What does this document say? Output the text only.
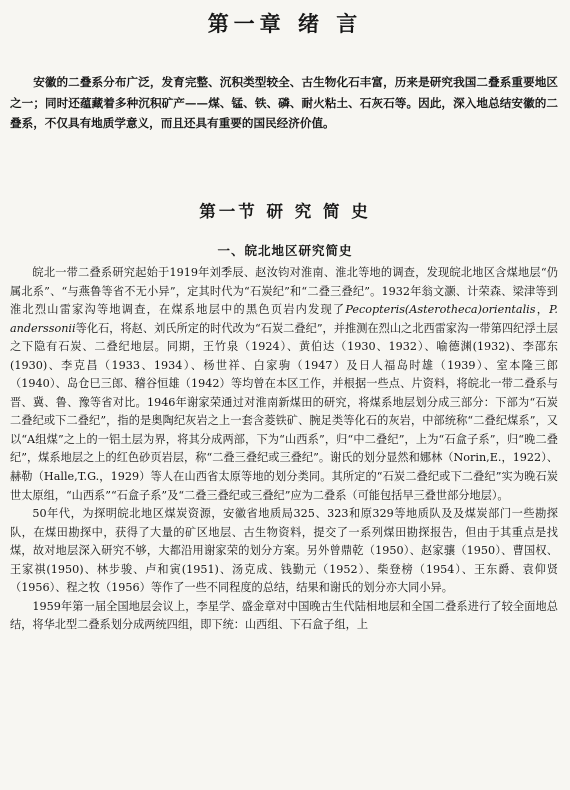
第一章 绪 言
安徽的二叠系分布广泛，发育完整、沉积类型较全、古生物化石丰富，历来是研究我国二叠系重要地区之一；同时还蕴藏着多种沉积矿产——煤、锰、铁、磷、耐火粘土、石灰石等。因此，深入地总结安徽的二叠系，不仅具有地质学意义，而且还具有重要的国民经济价值。
第一节 研 究 简 史
一、皖北地区研究简史

皖北一带二叠系研究起始于1919年刘季辰、赵汝钧对淮南、淮北等地的调查，发现皖北地区含煤地层“仍属北系”、“与燕鲁等省不无小异”，定其时代为“石炭纪”和“二叠三叠纪”。1932年翁文灏、计荣森、梁津等到淮北烈山雷家沟等地调查，在煤系地层中的黑色页岩内发现了Pecopteris(Asterotheca)orientalis，P. anderssonii等化石，将赵、刘氏所定的时代改为“石炭二叠纪”，并推测在烈山之北西雷家沟一带第四纪浮土层之下隐有石炭、二叠纪地层。同期，王竹泉（1924）、黄伯达（1930、1932）、喻德渊(1932)、李邵东(1930)、李克昌（1933、1934）、杨世祥、白家驹（1947）及日人福岛时雄（1939）、室本隆三郎（1940）、岛仓巳三郎、稽谷恒雄（1942）等均曾在本区工作，并根据一些点、片资料，将皖北一带二叠系与晋、冀、鲁、豫等省对比。1946年谢家荣通过对淮南新煤田的研究，将煤系地层划分成三部分：下部为“石炭二叠纪或下二叠纪”，指的是奥陶纪灰岩之上一套含菱铁矿、腕足类等化石的灰岩，中部统称“二叠纪煤系”，又以“A组煤”之上的一铝土层为界，将其分成两部，下为“山西系”，归“中二叠纪”，上为“石盒子系”，归“晚二叠纪”，煤系地层之上的红色砂页岩层，称“二叠三叠纪或三叠纪”。谢氏的划分显然和娜林（Norin,E.，1922）、赫勒（Halle,T.G.，1929）等人在山西省太原等地的划分类同。其所定的“石炭二叠纪或下二叠纪”实为晚石炭世太原组，“山西系”“石盒子系”及“二叠三叠纪或三叠纪”应为二叠系（可能包括早三叠世部分地层）。

50年代，为探明皖北地区煤炭资源，安徽省地质局325、323和原329等地质队及及煤炭部门一些勘探队，在煤田勘探中，获得了大量的矿区地层、古生物资料，提交了一系列煤田勘探报告，但由于其重点是找煤，故对地层深入研究不够，大都沿用谢家荣的划分方案。另外曾鼎乾（1950）、赵家骧（1950）、曹国权、王家祺(1950)、林步骏、卢和寅(1951)、汤克成、钱勤元（1952）、柴登榜（1954）、王东爵、袁仰贤（1956）、程之牧（1956）等作了一些不同程度的总结，结果和谢氏的划分亦大同小异。

1959年第一届全国地层会议上，李星学、盛金章对中国晚古生代陆相地层和全国二叠系进行了较全面地总结，将华北型二叠系划分成两统四组，即下统：山西组、下石盒子组，上
